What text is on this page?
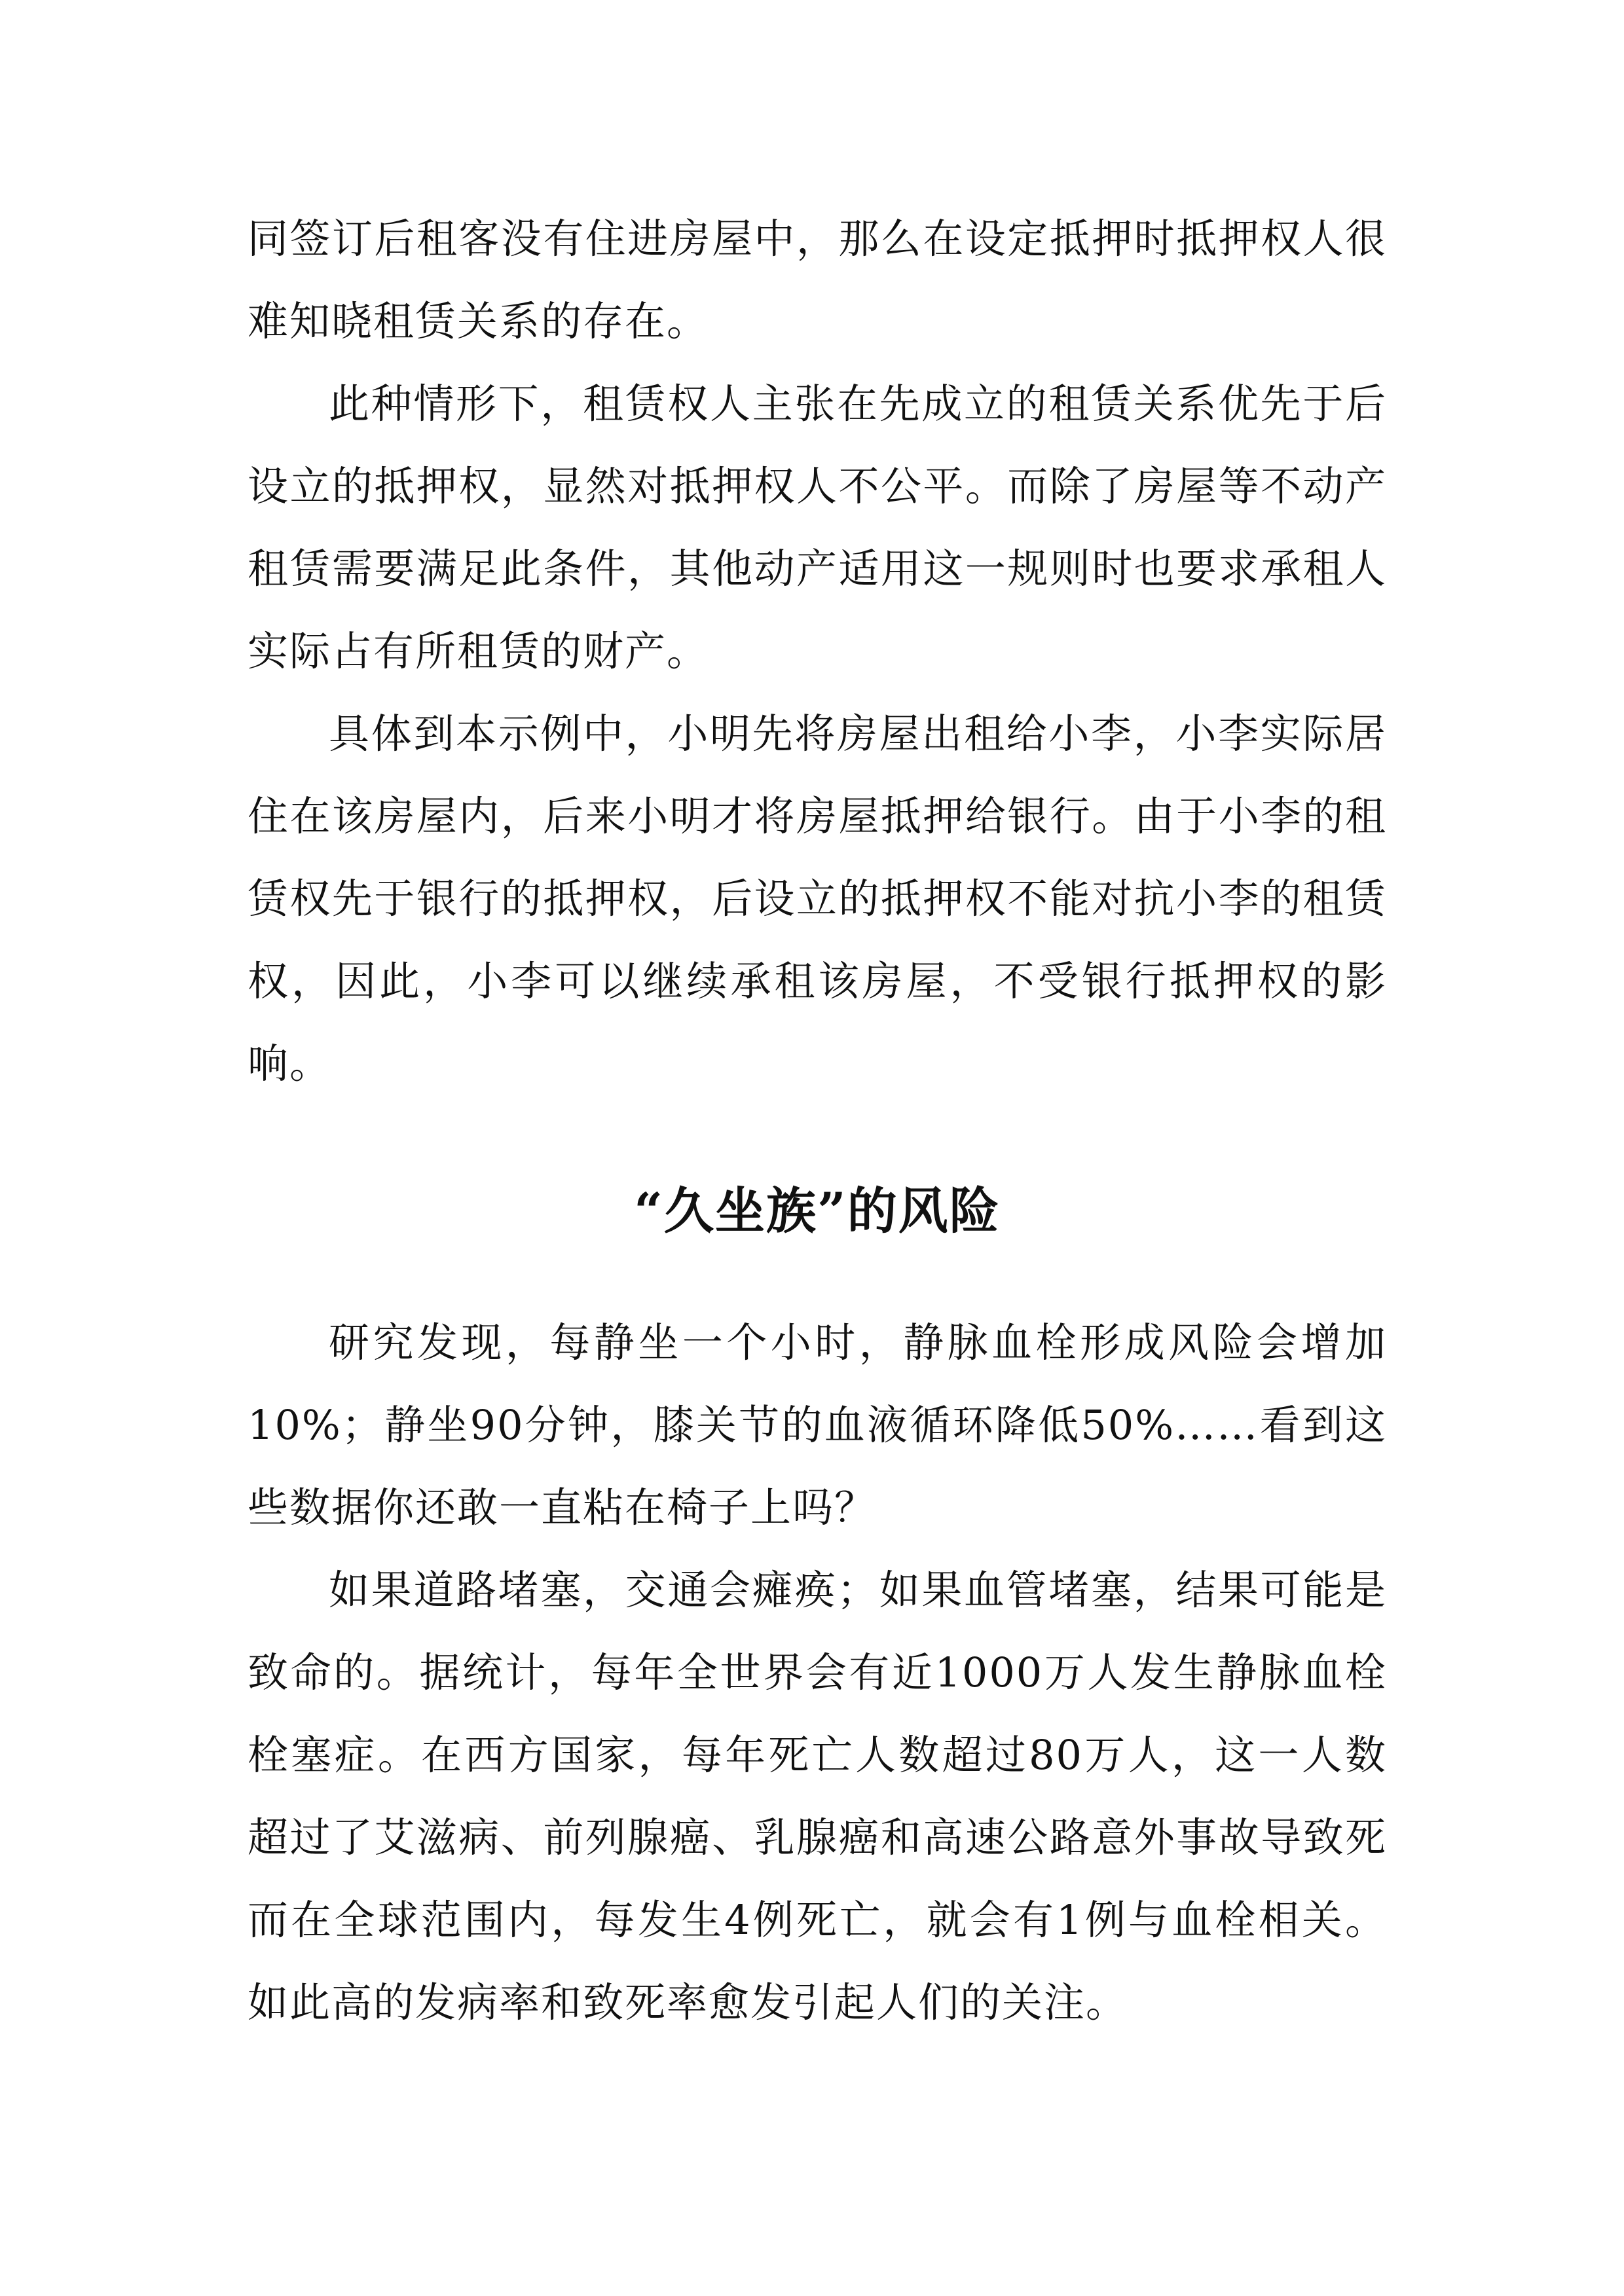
同签订后租客没有住进房屋中，那么在设定抵押时抵押权人很难知晓租赁关系的存在。

此种情形下，租赁权人主张在先成立的租赁关系优先于后设立的抵押权，显然对抵押权人不公平。而除了房屋等不动产租赁需要满足此条件，其他动产适用这一规则时也要求承租人实际占有所租赁的财产。

具体到本示例中，小明先将房屋出租给小李，小李实际居住在该房屋内，后来小明才将房屋抵押给银行。由于小李的租赁权先于银行的抵押权，后设立的抵押权不能对抗小李的租赁权，因此，小李可以继续承租该房屋，不受银行抵押权的影响。

“久坐族”的风险

研究发现，每静坐一个小时，静脉血栓形成风险会增加10%；静坐90分钟，膝关节的血液循环降低50%……看到这些数据你还敢一直粘在椅子上吗？

如果道路堵塞，交通会瘫痪；如果血管堵塞，结果可能是致命的。据统计，每年全世界会有近1000万人发生静脉血栓栓塞症。在西方国家，每年死亡人数超过80万人，这一人数超过了艾滋病、前列腺癌、乳腺癌和高速公路意外事故导致死而在全球范围内，每发生4例死亡，就会有1例与血栓相关。如此高的发病率和致死率愈发引起人们的关注。
